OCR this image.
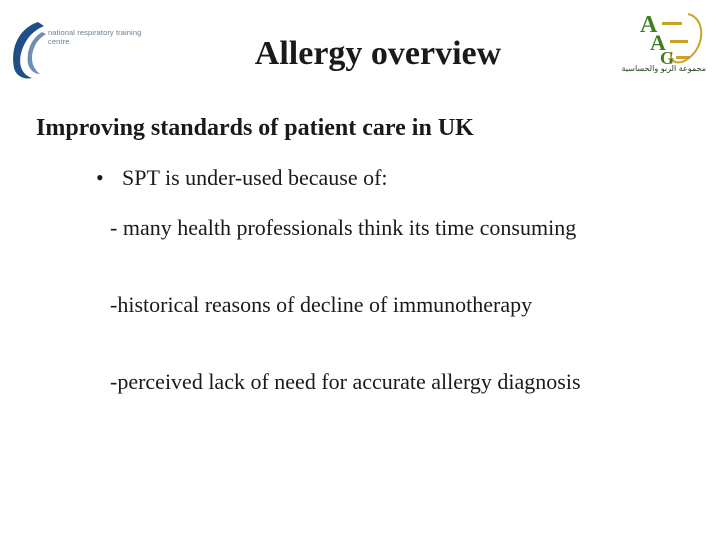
national respiratory training centre
A
A
G
مجموعة الربو والحساسية
Allergy overview
Improving standards of patient care in UK
• SPT is under-used because of:
- many health professionals think its time consuming
-historical reasons of decline of immunotherapy
-perceived lack of need for accurate allergy diagnosis
